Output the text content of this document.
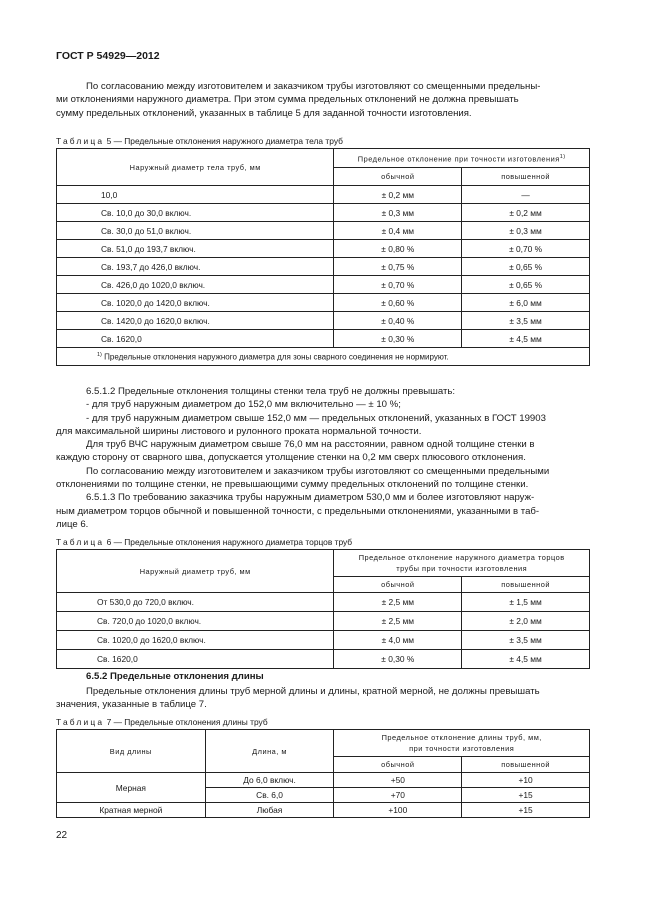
ГОСТ Р 54929—2012

По согласованию между изготовителем и заказчиком трубы изготовляют со смещенными предельны-

ми отклонениями наружного диаметра. При этом сумма предельных отклонений не должна превышать

сумму предельных отклонений, указанных в таблице 5 для заданной точности изготовления.

Таблица 5 — Предельные отклонения наружного диаметра тела труб
Наружный диаметр тела труб, мм	Предельное отклонение при точности изготовления$^{1)}$
	обычной	повышенной
10,0	± 0,2 мм	—
Св. 10,0 до 30,0 включ.	± 0,3 мм	± 0,2 мм
Св. 30,0 до 51,0 включ.	± 0,4 мм	± 0,3 мм
Св. 51,0 до 193,7 включ.	± 0,80 %	± 0,70 %
Св. 193,7 до 426,0 включ.	± 0,75 %	± 0,65 %
Св. 426,0 до 1020,0 включ.	± 0,70 %	± 0,65 %
Св. 1020,0 до 1420,0 включ.	± 0,60 %	± 6,0 мм
Св. 1420,0 до 1620,0 включ.	± 0,40 %	± 3,5 мм
Св. 1620,0	± 0,30 %	± 4,5 мм
$^{1)}$ Предельные отклонения наружного диаметра для зоны сварного соединения не нормируют.		

6.5.1.2 Предельные отклонения толщины стенки тела труб не должны превышать:

- для труб наружным диаметром до 152,0 мм включительно — ± 10 %;

- для труб наружным диаметром свыше 152,0 мм — предельных отклонений, указанных в ГОСТ 19903

для максимальной ширины листового и рулонного проката нормальной точности.

Для труб ВЧС наружным диаметром свыше 76,0 мм на расстоянии, равном одной толщине стенки в

каждую сторону от сварного шва, допускается утолщение стенки на 0,2 мм сверх плюсового отклонения.

По согласованию между изготовителем и заказчиком трубы изготовляют со смещенными предельными

отклонениями по толщине стенки, не превышающими сумму предельных отклонений по толщине стенки.

6.5.1.3 По требованию заказчика трубы наружным диаметром 530,0 мм и более изготовляют наруж-

ным диаметром торцов обычной и повышенной точности, с предельными отклонениями, указанными в таб-

лице 6.

Таблица 6 — Предельные отклонения наружного диаметра торцов труб
Наружный диаметр труб, мм	Предельное отклонение наружного диаметра торцов
трубы при точности изготовления	
	обычной	повышенной
От 530,0 до 720,0 включ.	± 2,5 мм	± 1,5 мм
Св. 720,0 до 1020,0 включ.	± 2,5 мм	± 2,0 мм
Св. 1020,0 до 1620,0 включ.	± 4,0 мм	± 3,5 мм
Св. 1620,0	± 0,30 %	± 4,5 мм
6.5.2 Предельные отклонения длины

Предельные отклонения длины труб мерной длины и длины, кратной мерной, не должны превышать

значения, указанные в таблице 7.

Таблица 7 — Предельные отклонения длины труб
Вид длины	Длина, м	Предельное отклонение длины труб, мм,
при точности изготовления	
		обычной	повышенной
Мерная	До 6,0 включ.	+50	+10
	Св. 6,0	+70	+15
Кратная мерной	Любая	+100	+15
22
